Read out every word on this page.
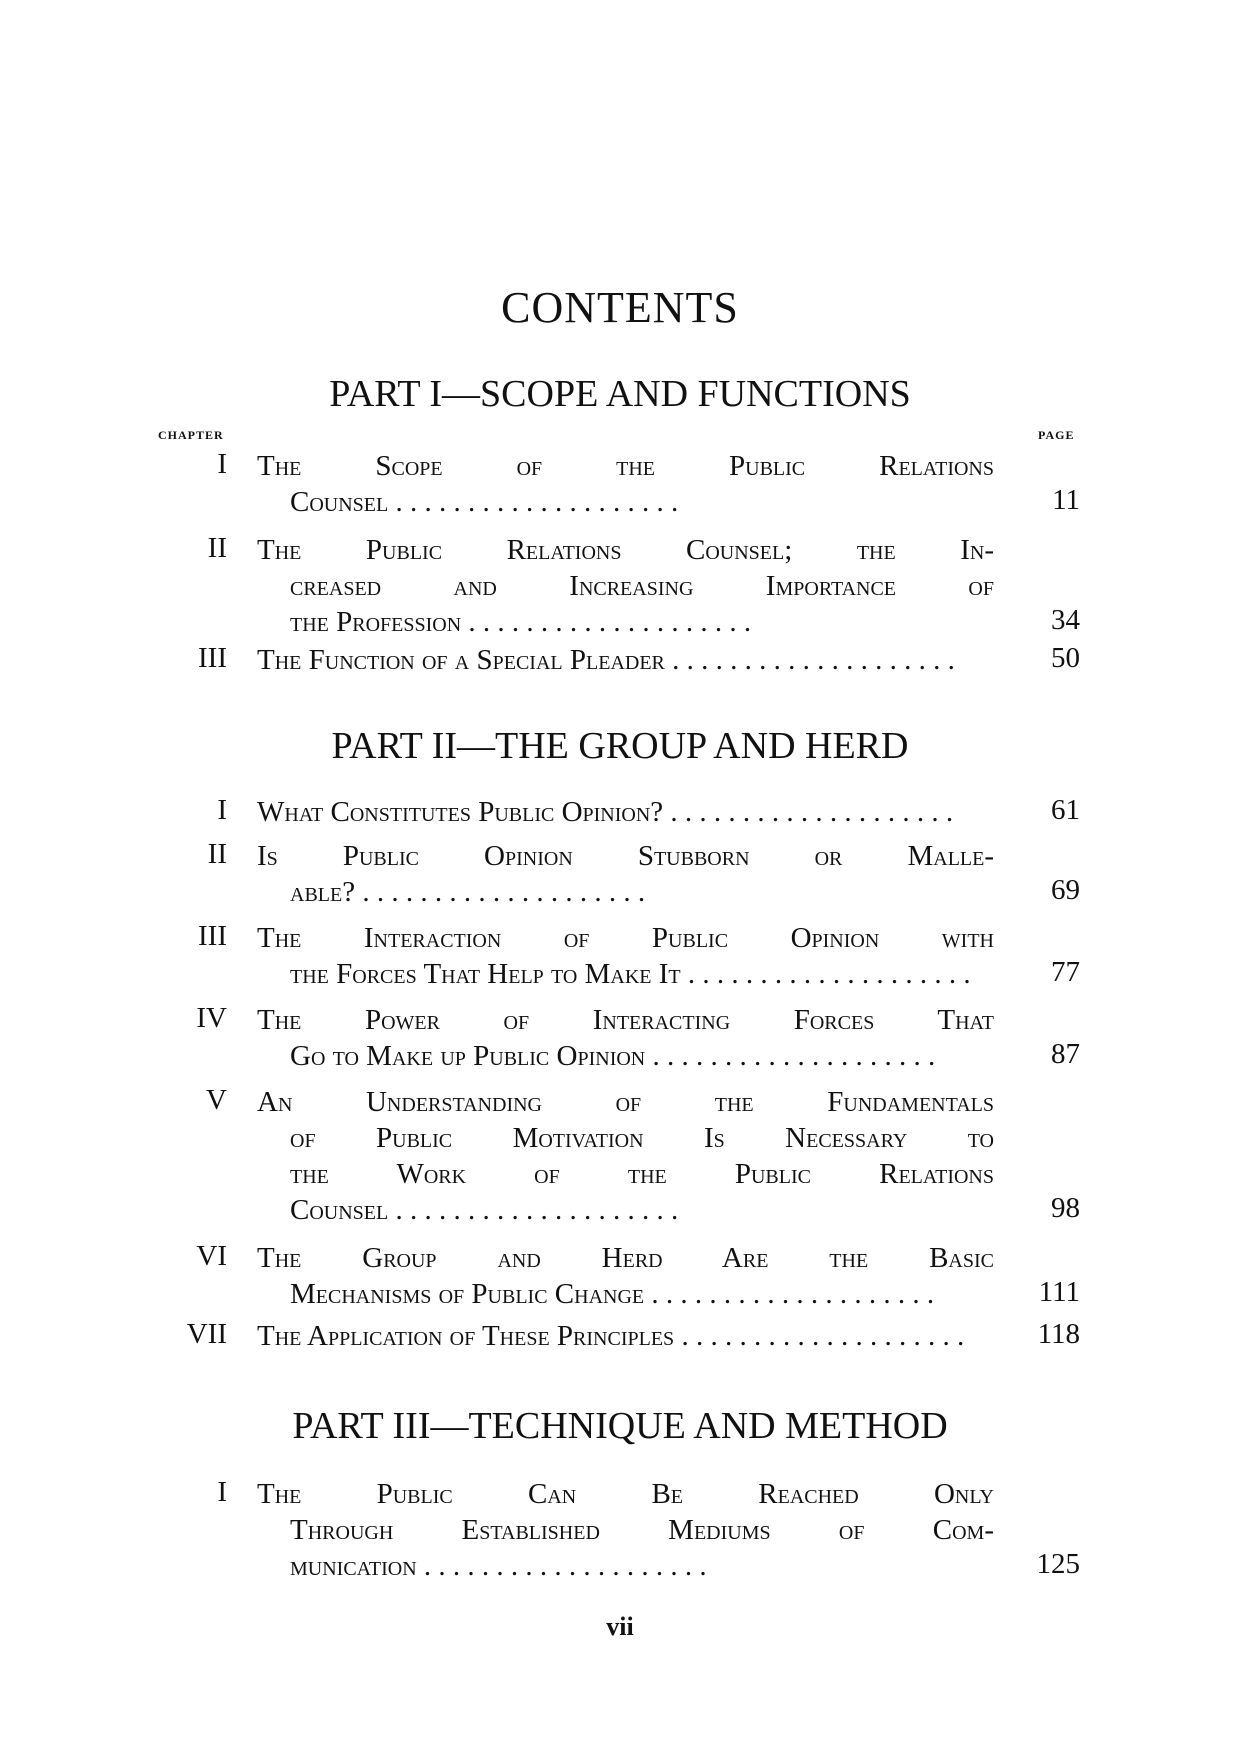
CONTENTS
PART I—SCOPE AND FUNCTIONS
CHAPTER	PAGE
I The Scope of the Public Relations
Counsel . . . . . . . . . . . . . . . . . . . .	11
II The Public Relations Counsel; the In-
creased and Increasing Importance of
the Profession . . . . . . . . . . . . . . . . . . . .	34
III The Function of a Special Pleader . . . . . . . . . . . . . . . . . . . .	50
PART II—THE GROUP AND HERD
I What Constitutes Public Opinion? . . . . . . . . . . . . . . . . . . . .	61
II Is Public Opinion Stubborn or Malle-
able? . . . . . . . . . . . . . . . . . . . .	69
III The Interaction of Public Opinion with
the Forces That Help to Make It . . . . . . . . . . . . . . . . . . . .	77
IV The Power of Interacting Forces That
Go to Make up Public Opinion . . . . . . . . . . . . . . . . . . . .	87
V An Understanding of the Fundamentals
of Public Motivation Is Necessary to
the Work of the Public Relations
Counsel . . . . . . . . . . . . . . . . . . . .	98
VI The Group and Herd Are the Basic
Mechanisms of Public Change . . . . . . . . . . . . . . . . . . . .	111
VII The Application of These Principles . . . . . . . . . . . . . . . . . . . .	118
PART III—TECHNIQUE AND METHOD
I The Public Can Be Reached Only
Through Established Mediums of Com-
munication . . . . . . . . . . . . . . . . . . . .	125
vii
